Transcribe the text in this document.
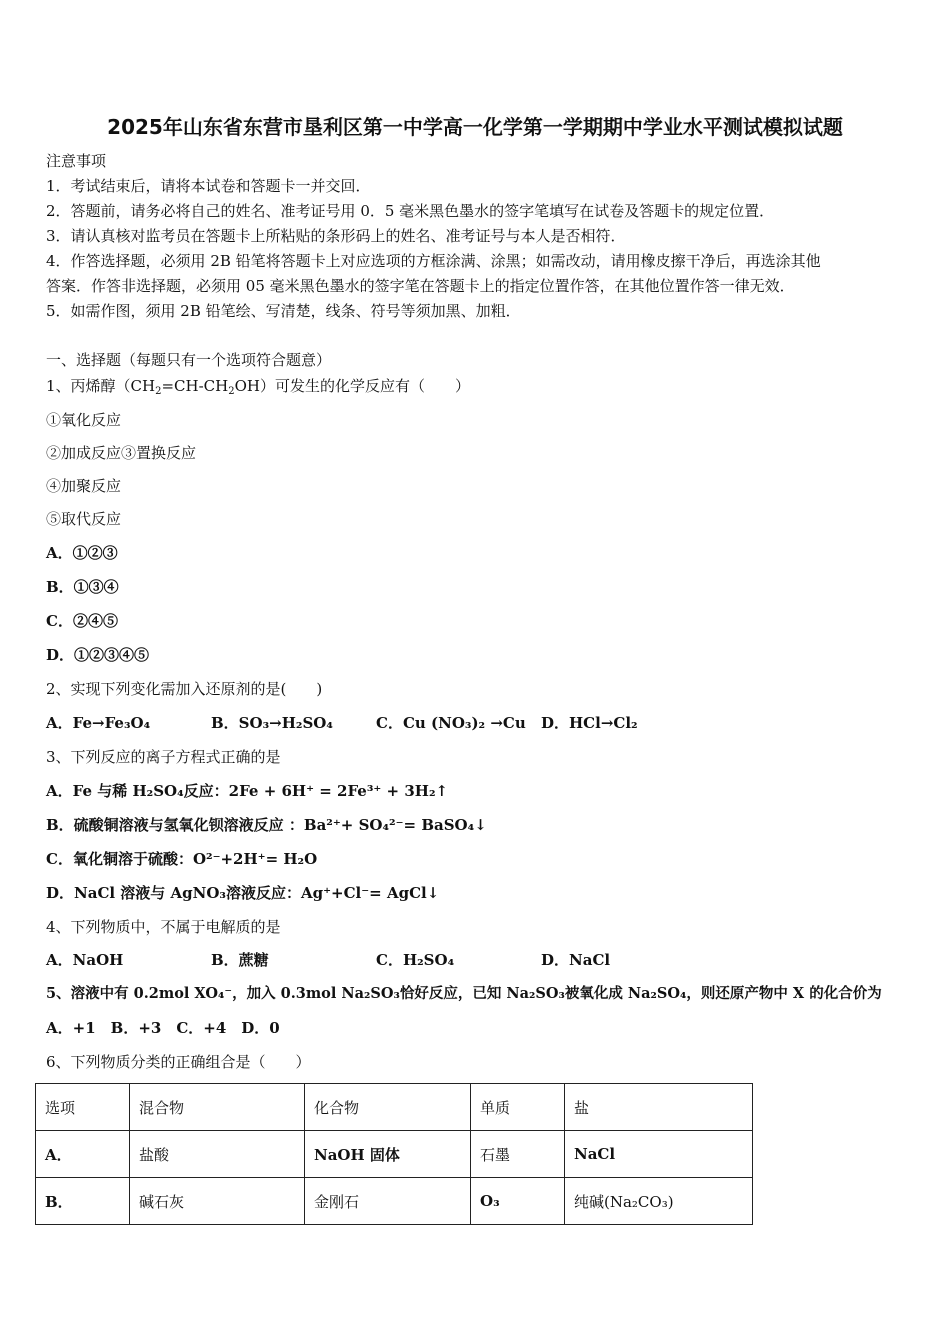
2025年山东省东营市垦利区第一中学高一化学第一学期期中学业水平测试模拟试题
注意事项
1．考试结束后，请将本试卷和答题卡一并交回．
2．答题前，请务必将自己的姓名、准考证号用 0．5 毫米黑色墨水的签字笔填写在试卷及答题卡的规定位置．
3．请认真核对监考员在答题卡上所粘贴的条形码上的姓名、准考证号与本人是否相符．
4．作答选择题，必须用 2B 铅笔将答题卡上对应选项的方框涂满、涂黑；如需改动，请用橡皮擦干净后，再选涂其他
答案．作答非选择题，必须用 05 毫米黑色墨水的签字笔在答题卡上的指定位置作答，在其他位置作答一律无效．
5．如需作图，须用 2B 铅笔绘、写清楚，线条、符号等须加黑、加粗．
一、选择题（每题只有一个选项符合题意）
1、丙烯醇$(CH_2=CH-CH_2OH)$可发生的化学反应有（　　）
①氧化反应
②加成反应③置换反应
④加聚反应
⑤取代反应
A．①②③
B．①③④
C．②④⑤
D．①②③④⑤
2、实现下列变化需加入还原剂的是(　　)
A．Fe→Fe₃O₄	B．SO₃→H₂SO₄	C．Cu (NO₃)₂ →Cu D．HCl→Cl₂
3、下列反应的离子方程式正确的是
A．Fe 与稀 H₂SO₄反应：2Fe + 6H⁺ = 2Fe³⁺ + 3H₂↑
B．硫酸铜溶液与氢氧化钡溶液反应 ：Ba²⁺+ SO₄²⁻= BaSO₄↓
C．氧化铜溶于硫酸：O²⁻+2H⁺= H₂O
D．NaCl 溶液与 AgNO₃溶液反应：Ag⁺+Cl⁻= AgCl↓
4、下列物质中，不属于电解质的是
A．NaOH	B．蔗糖	C．H₂SO₄	D．NaCl
5、溶液中有 0.2mol XO₄⁻，加入 0.3mol Na₂SO₃恰好反应，已知 Na₂SO₃被氧化成 Na₂SO₄，则还原产物中 X 的化合价为
A．+1　B．+3　C．+4　D．0
6、下列物质分类的正确组合是（　　）
选项	混合物	化合物	单质	盐
A．	盐酸	NaOH 固体	石墨	NaCl
B．	碱石灰	金刚石	O₃	纯碱(Na₂CO₃)
